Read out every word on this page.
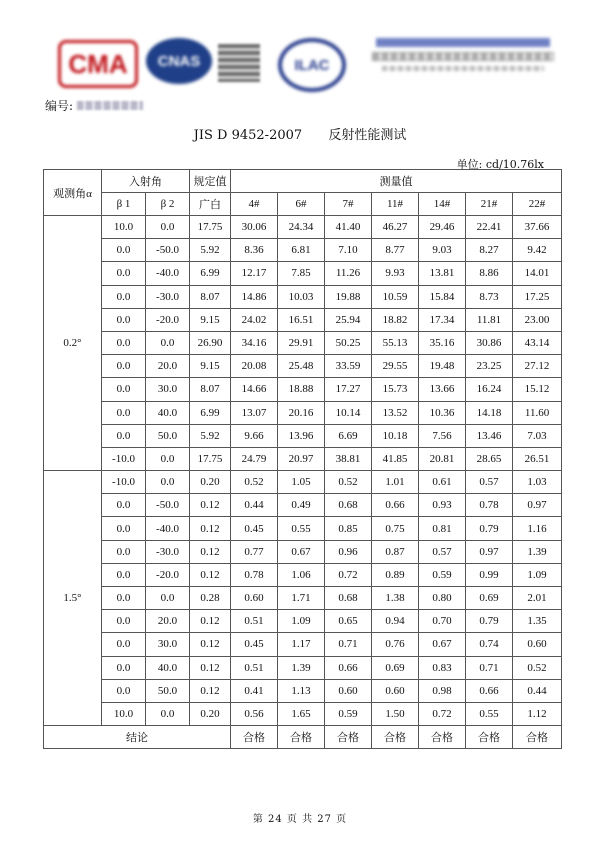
CMA CNAS	ILAC
编号:
JIS D 9452-2007 反射性能测试
单位: cd/10.76lx
观测角α	入射角		规定值	测量值						
	β 1	β 2	广白	4#	6#	7#	11#	14#	21#	22#
0.2°	10.0	0.0	17.75	30.06	24.34	41.40	46.27	29.46	22.41	37.66
	0.0	-50.0	5.92	8.36	6.81	7.10	8.77	9.03	8.27	9.42
	0.0	-40.0	6.99	12.17	7.85	11.26	9.93	13.81	8.86	14.01
	0.0	-30.0	8.07	14.86	10.03	19.88	10.59	15.84	8.73	17.25
	0.0	-20.0	9.15	24.02	16.51	25.94	18.82	17.34	11.81	23.00
	0.0	0.0	26.90	34.16	29.91	50.25	55.13	35.16	30.86	43.14
	0.0	20.0	9.15	20.08	25.48	33.59	29.55	19.48	23.25	27.12
	0.0	30.0	8.07	14.66	18.88	17.27	15.73	13.66	16.24	15.12
	0.0	40.0	6.99	13.07	20.16	10.14	13.52	10.36	14.18	11.60
	0.0	50.0	5.92	9.66	13.96	6.69	10.18	7.56	13.46	7.03
	-10.0	0.0	17.75	24.79	20.97	38.81	41.85	20.81	28.65	26.51
1.5°	-10.0	0.0	0.20	0.52	1.05	0.52	1.01	0.61	0.57	1.03
	0.0	-50.0	0.12	0.44	0.49	0.68	0.66	0.93	0.78	0.97
	0.0	-40.0	0.12	0.45	0.55	0.85	0.75	0.81	0.79	1.16
	0.0	-30.0	0.12	0.77	0.67	0.96	0.87	0.57	0.97	1.39
	0.0	-20.0	0.12	0.78	1.06	0.72	0.89	0.59	0.99	1.09
	0.0	0.0	0.28	0.60	1.71	0.68	1.38	0.80	0.69	2.01
	0.0	20.0	0.12	0.51	1.09	0.65	0.94	0.70	0.79	1.35
	0.0	30.0	0.12	0.45	1.17	0.71	0.76	0.67	0.74	0.60
	0.0	40.0	0.12	0.51	1.39	0.66	0.69	0.83	0.71	0.52
	0.0	50.0	0.12	0.41	1.13	0.60	0.60	0.98	0.66	0.44
	10.0	0.0	0.20	0.56	1.65	0.59	1.50	0.72	0.55	1.12
结论				合格	合格	合格	合格	合格	合格	合格
第 24 页 共 27 页
